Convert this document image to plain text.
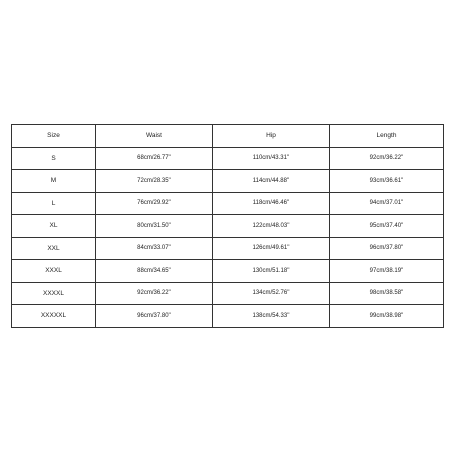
Size	Waist	Hip	Length
S	68cm/26.77''	110cm/43.31''	92cm/36.22''
M	72cm/28.35''	114cm/44.88''	93cm/36.61''
L	76cm/29.92''	118cm/46.46''	94cm/37.01''
XL	80cm/31.50''	122cm/48.03''	95cm/37.40''
XXL	84cm/33.07''	126cm/49.61''	96cm/37.80''
XXXL	88cm/34.65''	130cm/51.18''	97cm/38.19''
XXXXL	92cm/36.22''	134cm/52.76''	98cm/38.58''
XXXXXL	96cm/37.80''	138cm/54.33''	99cm/38.98''
